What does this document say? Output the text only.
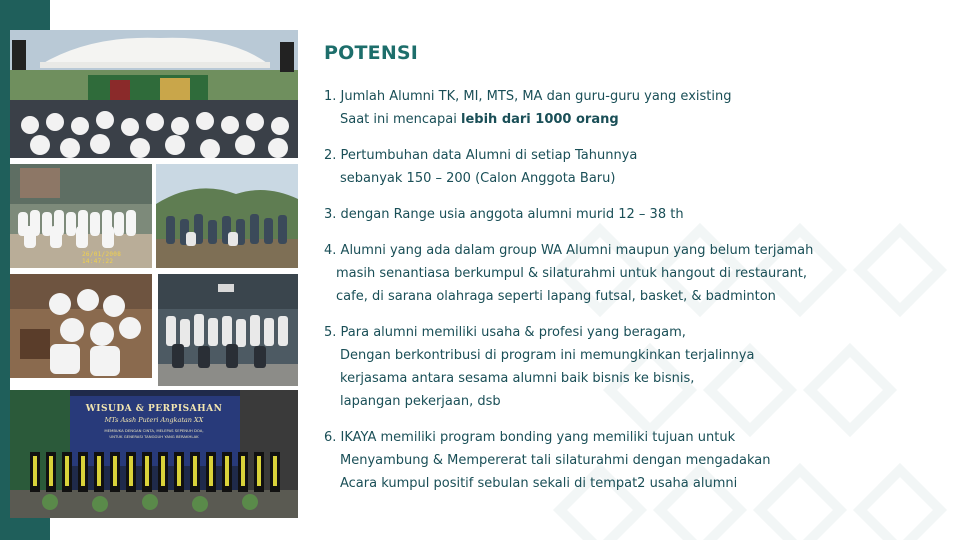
26/01/2008 14:47:22
WISUDA & PERPISAHAN
MTs Assh Puteri Angkatan XX
MEMBUKA DENGAN CINTA, MELEPAS SEPENUH DOA,
UNTUK GENERASI TANGGUH YANG BERAKHLAK
POTENSI
1. Jumlah Alumni TK, MI, MTS, MA dan guru-guru yang existing
Saat ini mencapai lebih dari 1000 orang
2. Pertumbuhan data Alumni di setiap Tahunnya
sebanyak 150 – 200 (Calon Anggota Baru)
3. dengan Range usia anggota alumni murid 12 – 38 th
4. Alumni yang ada dalam group WA Alumni maupun yang belum terjamah
masih senantiasa berkumpul & silaturahmi untuk hangout di restaurant,
cafe, di sarana olahraga seperti lapang futsal, basket, & badminton
5. Para alumni memiliki usaha & profesi yang beragam,
Dengan berkontribusi di program ini memungkinkan terjalinnya
kerjasama antara sesama alumni baik bisnis ke bisnis,
lapangan pekerjaan, dsb
6. IKAYA memiliki program bonding yang memiliki tujuan untuk
Menyambung & Mempererat tali silaturahmi dengan mengadakan
Acara kumpul positif sebulan sekali di tempat2 usaha alumni
